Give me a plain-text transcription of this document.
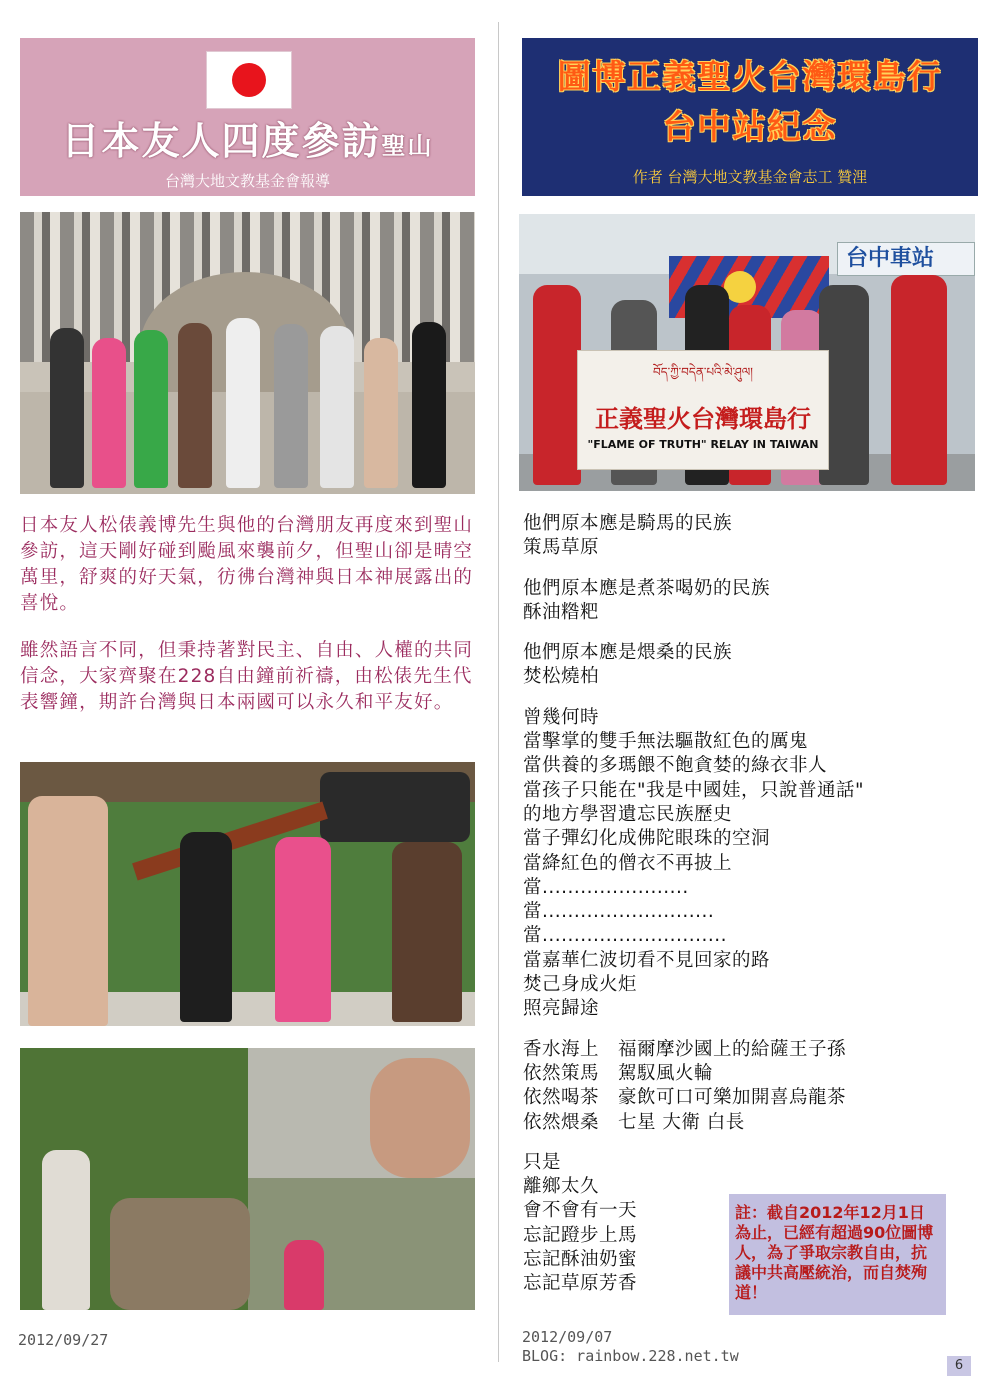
日本友人四度參訪聖山
台灣大地文教基金會報導
圖博正義聖火台灣環島行
台中站紀念
作者 台灣大地文教基金會志工 贊浬
台中車站
བོད་ཀྱི་བདེན་པའི་མེ་ཤུལ།
正義聖火台灣環島行
"FLAME OF TRUTH" RELAY IN TAIWAN
日本友人松俵義博先生與他的台灣朋友再度來到聖山參訪，這天剛好碰到颱風來襲前夕，但聖山卻是晴空萬里，舒爽的好天氣，彷彿台灣神與日本神展露出的喜悅。
雖然語言不同，但秉持著對民主、自由、人權的共同信念，大家齊聚在228自由鐘前祈禱，由松俵先生代表響鐘，期許台灣與日本兩國可以永久和平友好。
他們原本應是騎馬的民族
策馬草原
他們原本應是煮茶喝奶的民族
酥油糌粑
他們原本應是煨桑的民族
焚松燒柏
曾幾何時
當擊掌的雙手無法驅散紅色的厲鬼
當供養的多瑪餵不飽貪婪的綠衣非人
當孩子只能在"我是中國娃，只說普通話"
的地方學習遺忘民族歷史
當子彈幻化成佛陀眼珠的空洞
當絳紅色的僧衣不再披上
當.......................
當...........................
當.............................
當嘉華仁波切看不見回家的路
焚己身成火炬
照亮歸途
香水海上　福爾摩沙國上的給薩王子孫
依然策馬　駕馭風火輪
依然喝茶　豪飲可口可樂加開喜烏龍茶
依然煨桑　七星 大衛 白長
只是
離鄉太久
會不會有一天
忘記蹬步上馬
忘記酥油奶蜜
忘記草原芳香
註：截自2012年12月1日為止，已經有超過90位圖博人，為了爭取宗教自由，抗議中共高壓統治，而自焚殉道！
2012/09/27	2012/09/07
BLOG: rainbow.228.net.tw
6
